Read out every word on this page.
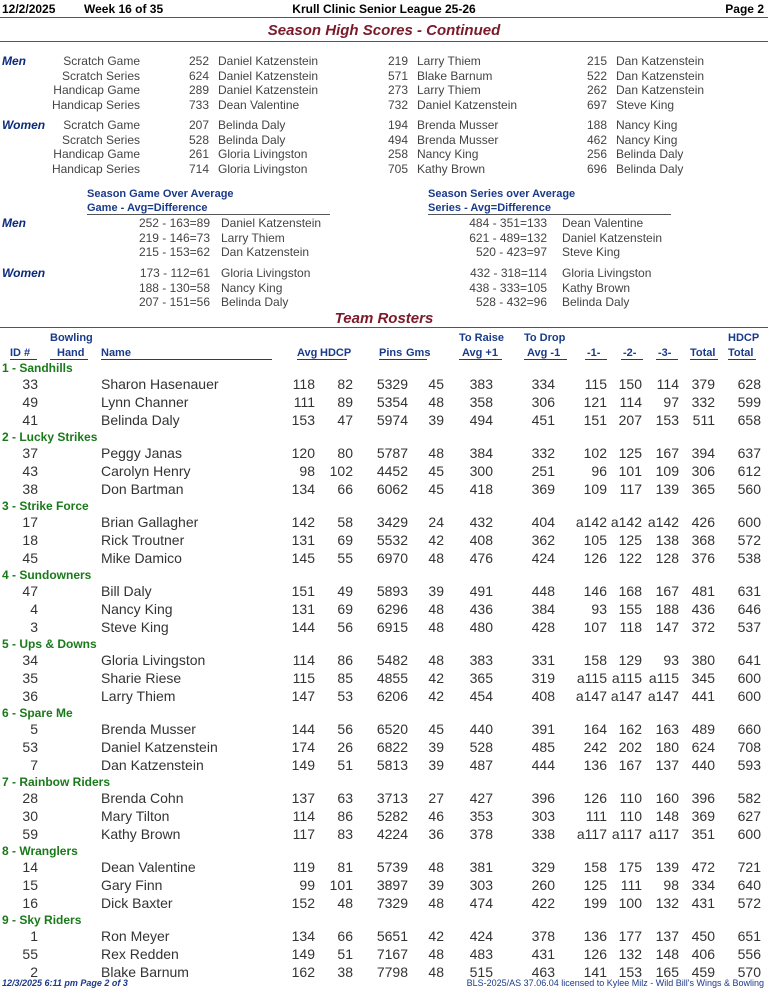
12/2/2025 Week 16 of 35	Krull Clinic Senior League 25-26	Page 2
Season High Scores - Continued
Men	Scratch Game	252 Daniel Katzenstein	219 Larry Thiem	215 Dan Katzenstein
Scratch Series	624 Daniel Katzenstein	571 Blake Barnum	522 Dan Katzenstein
Handicap Game	289 Daniel Katzenstein	273 Larry Thiem	262 Dan Katzenstein
Handicap Series	733 Dean Valentine	732 Daniel Katzenstein	697 Steve King
Women	Scratch Game	207 Belinda Daly	194 Brenda Musser	188 Nancy King
Scratch Series	528 Belinda Daly	494 Brenda Musser	462 Nancy King
Handicap Game	261 Gloria Livingston	258 Nancy King	256 Belinda Daly
Handicap Series	714 Gloria Livingston	705 Kathy Brown	696 Belinda Daly
Season Game Over Average
Game - Avg=Difference
Season Series over Average
Series - Avg=Difference
Men
Women
252 - 163=89 Daniel Katzenstein	484 - 351=133 Dean Valentine
219 - 146=73 Larry Thiem	621 - 489=132 Daniel Katzenstein
215 - 153=62 Dan Katzenstein	520 - 423=97 Steve King
173 - 112=61 Gloria Livingston	432 - 318=114 Gloria Livingston
188 - 130=58 Nancy King	438 - 333=105 Kathy Brown
207 - 151=56 Belinda Daly	528 - 432=96 Belinda Daly
Team Rosters
Bowling
ID # Hand Name	Avg HDCP	Pins Gms
To Raise
Avg +1
To Drop
Avg -1 -1- -2- -3- Total
HDCP
Total
1 - Sandhills
33	Sharon Hasenauer	118	82	5329	45	383	334	115 150	114 379	628
49	Lynn Channer	111	89	5354	48	358	306	121 114	97 332	599
41	Belinda Daly	153	47	5974	39	494	451	151 207 153 511	658
2 - Lucky Strikes
37	Peggy Janas	120	80	5787	48	384	332	102 125 167 394	637
43	Carolyn Henry	98	102	4452	45	300	251	96 101 109 306	612
38	Don Bartman	134	66	6062	45	418	369	109 117 139 365	560
3 - Strike Force
17	Brian Gallagher	142	58	3429	24	432	404	a142 a142 a142 426	600
18	Rick Troutner	131	69	5532	42	408	362	105 125 138 368	572
45	Mike Damico	145	55	6970	48	476	424	126 122 128 376	538
4 - Sundowners
47	Bill Daly	151	49	5893	39	491	448	146 168 167 481	631
4	Nancy King	131	69	6296	48	436	384	93 155 188 436	646
3	Steve King	144	56	6915	48	480	428	107 118 147 372	537
5 - Ups & Downs
34	Gloria Livingston	114	86	5482	48	383	331	158 129	93 380	641
35	Sharie Riese	115	85	4855	42	365	319	a115 a115 a115 345	600
36	Larry Thiem	147	53	6206	42	454	408	a147 a147 a147 441	600
6 - Spare Me
5	Brenda Musser	144	56	6520	45	440	391	164 162 163 489	660
53	Daniel Katzenstein	174	26	6822	39	528	485	242 202 180 624	708
7	Dan Katzenstein	149	51	5813	39	487	444	136 167 137 440	593
7 - Rainbow Riders
28	Brenda Cohn	137	63	3713	27	427	396	126 110 160 396	582
30	Mary Tilton	114	86	5282	46	353	303	111 110 148 369	627
59	Kathy Brown	117	83	4224	36	378	338	a117 a117 a117 351	600
8 - Wranglers
14	Dean Valentine	119	81	5739	48	381	329	158 175 139 472	721
15	Gary Finn	99	101	3897	39	303	260	125 111	98 334	640
16	Dick Baxter	152	48	7329	48	474	422	199 100 132 431	572
9 - Sky Riders
1	Ron Meyer	134	66	5651	42	424	378	136 177 137 450	651
55	Rex Redden	149	51	7167	48	483	431	126 132 148 406	556
2	Blake Barnum	162	38	7798	48	515	463	141 153 165 459	570
12/3/2025 6:11 pm Page 2 of 3	BLS-2025/AS 37.06.04 licensed to Kylee Milz - Wild Bill's Wings & Bowling
